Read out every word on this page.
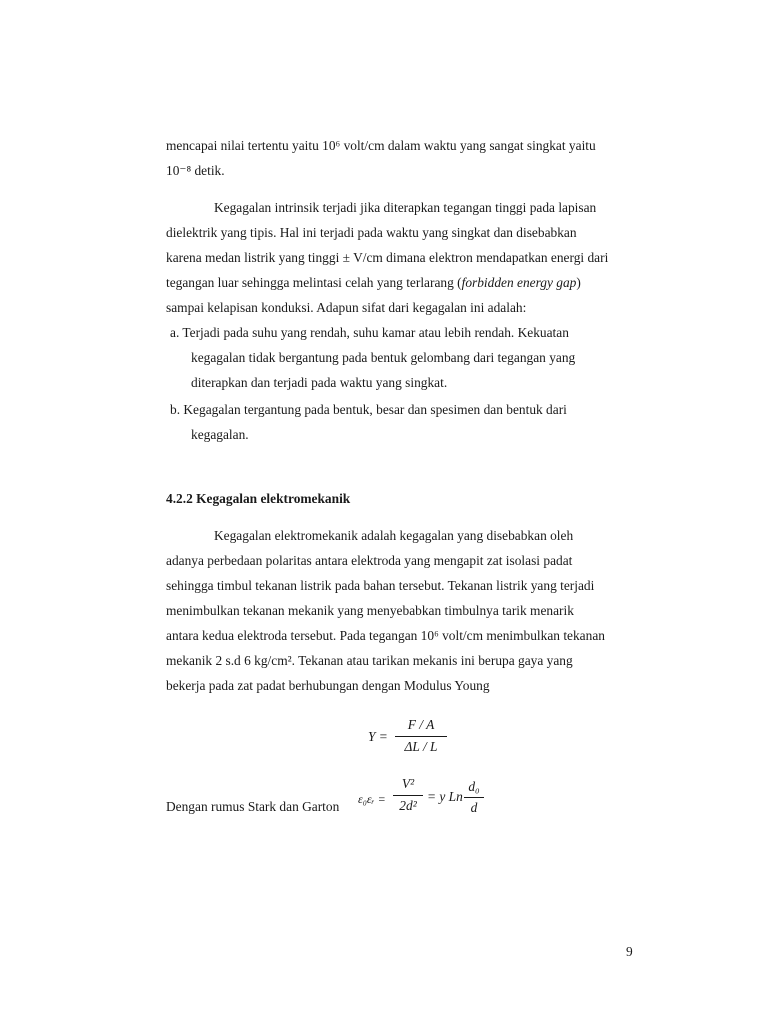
mencapai nilai tertentu yaitu 10⁶ volt/cm dalam waktu yang sangat singkat yaitu
10⁻⁸ detik.
Kegagalan intrinsik terjadi jika diterapkan tegangan tinggi pada lapisan
dielektrik yang tipis. Hal ini terjadi pada waktu yang singkat dan disebabkan
karena medan listrik yang tinggi ± V/cm dimana elektron mendapatkan energi dari
tegangan luar sehingga melintasi celah yang terlarang (forbidden energy gap)
sampai kelapisan konduksi. Adapun sifat dari kegagalan ini adalah:
a. Terjadi pada suhu yang rendah, suhu kamar atau lebih rendah. Kekuatan
kegagalan tidak bergantung pada bentuk gelombang dari tegangan yang
diterapkan dan terjadi pada waktu yang singkat.
b. Kegagalan tergantung pada bentuk, besar dan spesimen dan bentuk dari
kegagalan.
4.2.2 Kegagalan elektromekanik
Kegagalan elektromekanik adalah kegagalan yang disebabkan oleh
adanya perbedaan polaritas antara elektroda yang mengapit zat isolasi padat
sehingga timbul tekanan listrik pada bahan tersebut. Tekanan listrik yang terjadi
menimbulkan tekanan mekanik yang menyebabkan timbulnya tarik menarik
antara kedua elektroda tersebut. Pada tegangan 10⁶ volt/cm menimbulkan tekanan
mekanik 2 s.d 6 kg/cm². Tekanan atau tarikan mekanis ini berupa gaya yang
bekerja pada zat padat berhubungan dengan Modulus Young
Y =
F / A
ΔL / L
Dengan rumus Stark dan Garton ε₀εᵣ =
V²
2d²
= y Ln
d₀
d
9
